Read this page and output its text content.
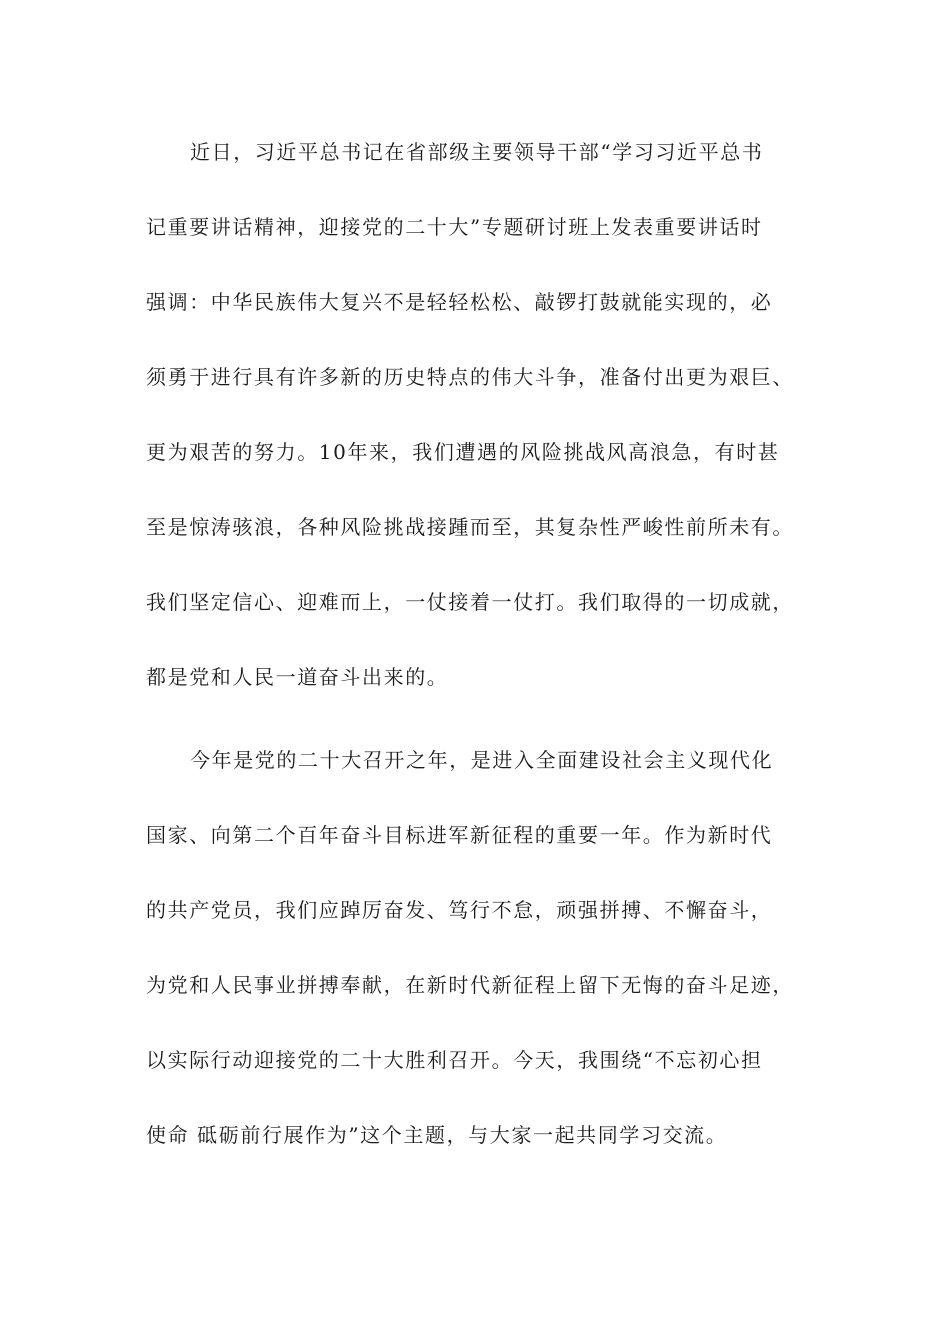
近日，习近平总书记在省部级主要领导干部“学习习近平总书

记重要讲话精神，迎接党的二十大”专题研讨班上发表重要讲话时

强调：中华民族伟大复兴不是轻轻松松、敲锣打鼓就能实现的，必

须勇于进行具有许多新的历史特点的伟大斗争，准备付出更为艰巨、

更为艰苦的努力。10年来，我们遭遇的风险挑战风高浪急，有时甚

至是惊涛骇浪，各种风险挑战接踵而至，其复杂性严峻性前所未有。

我们坚定信心、迎难而上，一仗接着一仗打。我们取得的一切成就，

都是党和人民一道奋斗出来的。

今年是党的二十大召开之年，是进入全面建设社会主义现代化

国家、向第二个百年奋斗目标进军新征程的重要一年。作为新时代

的共产党员，我们应踔厉奋发、笃行不怠，顽强拼搏、不懈奋斗，

为党和人民事业拼搏奉献，在新时代新征程上留下无悔的奋斗足迹，

以实际行动迎接党的二十大胜利召开。今天，我围绕“不忘初心担

使命 砥砺前行展作为”这个主题，与大家一起共同学习交流。
